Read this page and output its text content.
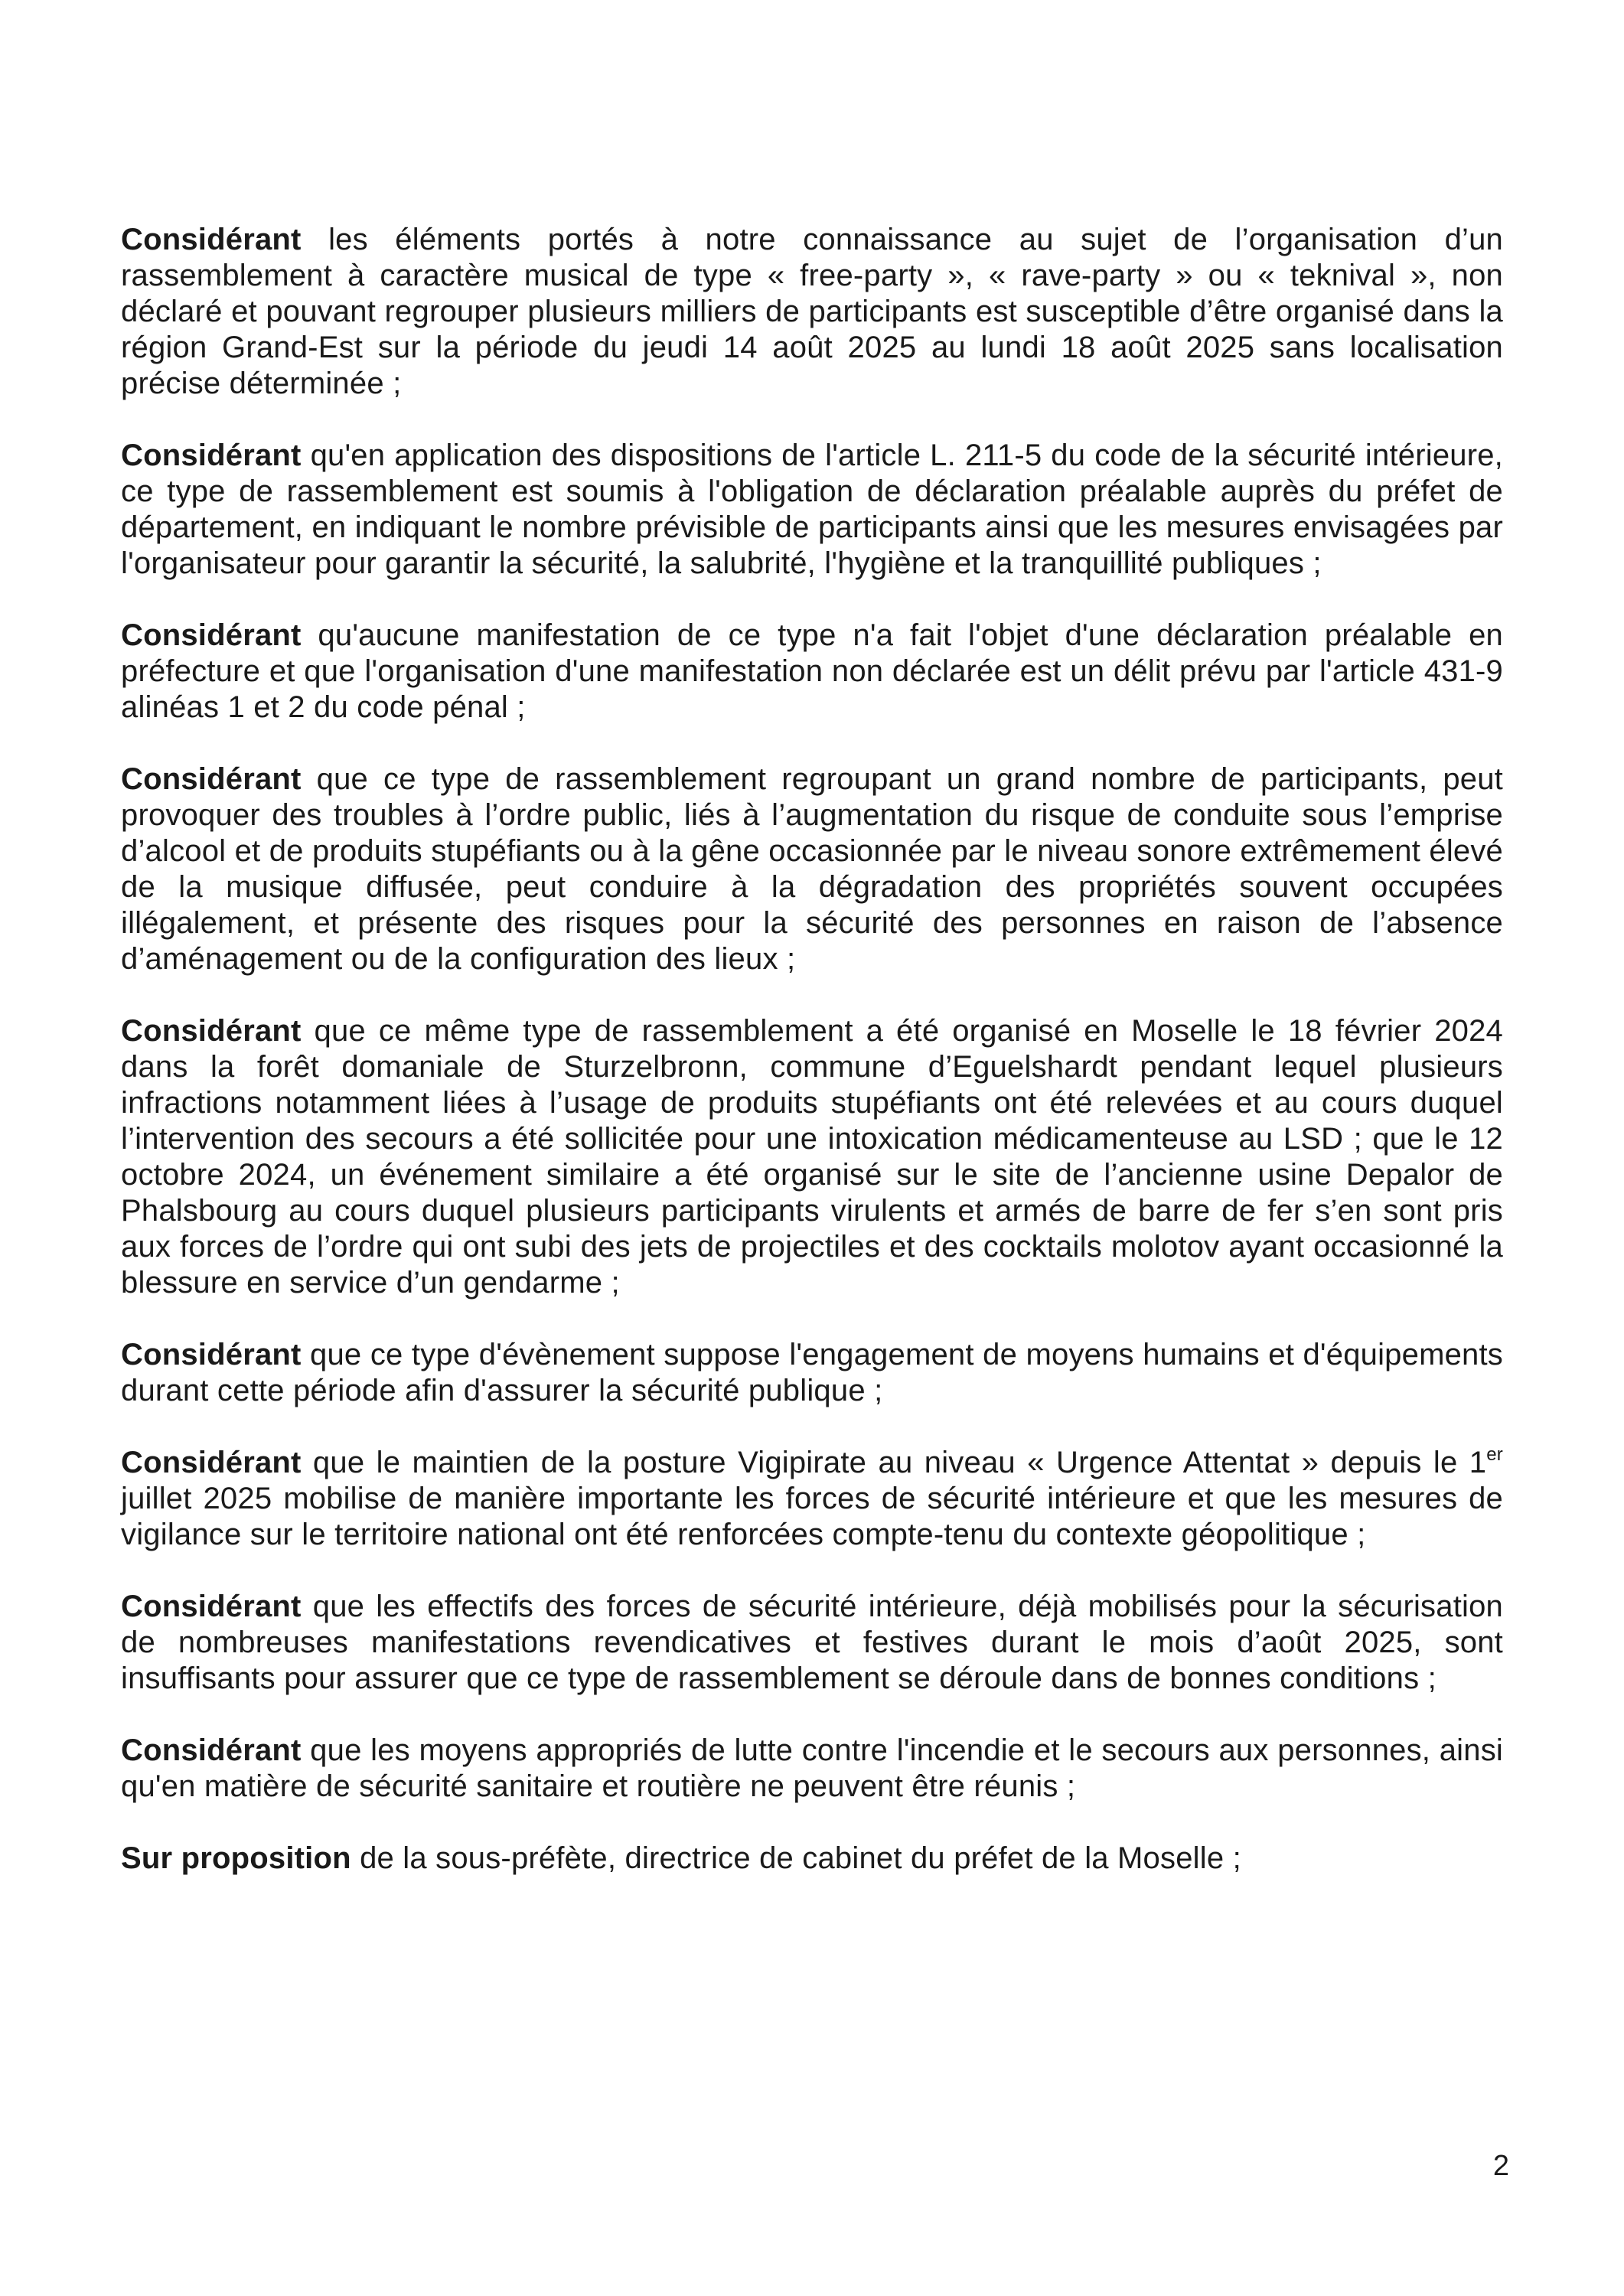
Considérant les éléments portés à notre connaissance au sujet de l’organisation d’un rassemblement à caractère musical de type « free-party », « rave-party » ou « teknival », non déclaré et pouvant regrouper plusieurs milliers de participants est susceptible d’être organisé dans la région Grand-Est sur la période du jeudi 14 août 2025 au lundi 18 août 2025 sans localisation précise déterminée ;

Considérant qu'en application des dispositions de l'article L. 211-5 du code de la sécurité intérieure, ce type de rassemblement est soumis à l'obligation de déclaration préalable auprès du préfet de département, en indiquant le nombre prévisible de participants ainsi que les mesures envisagées par l'organisateur pour garantir la sécurité, la salubrité, l'hygiène et la tranquillité publiques ;

Considérant qu'aucune manifestation de ce type n'a fait l'objet d'une déclaration préalable en préfecture et que l'organisation d'une manifestation non déclarée est un délit prévu par l'article 431-9 alinéas 1 et 2 du code pénal ;

Considérant que ce type de rassemblement regroupant un grand nombre de participants, peut provoquer des troubles à l’ordre public, liés à l’augmentation du risque de conduite sous l’emprise d’alcool et de produits stupéfiants ou à la gêne occasionnée par le niveau sonore extrêmement élevé de la musique diffusée, peut conduire à la dégradation des propriétés souvent occupées illégalement, et présente des risques pour la sécurité des personnes en raison de l’absence d’aménagement ou de la configuration des lieux ;

Considérant que ce même type de rassemblement a été organisé en Moselle le 18 février 2024 dans la forêt domaniale de Sturzelbronn, commune d’Eguelshardt pendant lequel plusieurs infractions notamment liées à l’usage de produits stupéfiants ont été relevées et au cours duquel l’intervention des secours a été sollicitée pour une intoxication médicamenteuse au LSD ; que le 12 octobre 2024, un événement similaire a été organisé sur le site de l’ancienne usine Depalor de Phalsbourg au cours duquel plusieurs participants virulents et armés de barre de fer s’en sont pris aux forces de l’ordre qui ont subi des jets de projectiles et des cocktails molotov ayant occasionné la blessure en service d’un gendarme ;

Considérant que ce type d'évènement suppose l'engagement de moyens humains et d'équipements durant cette période afin d'assurer la sécurité publique ;

Considérant que le maintien de la posture Vigipirate au niveau « Urgence Attentat » depuis le 1er juillet 2025 mobilise de manière importante les forces de sécurité intérieure et que les mesures de vigilance sur le territoire national ont été renforcées compte-tenu du contexte géopolitique ;

Considérant que les effectifs des forces de sécurité intérieure, déjà mobilisés pour la sécurisation de nombreuses manifestations revendicatives et festives durant le mois d’août 2025, sont insuffisants pour assurer que ce type de rassemblement se déroule dans de bonnes conditions ;

Considérant que les moyens appropriés de lutte contre l'incendie et le secours aux personnes, ainsi qu'en matière de sécurité sanitaire et routière ne peuvent être réunis ;

Sur proposition de la sous-préfète, directrice de cabinet du préfet de la Moselle ;

2
